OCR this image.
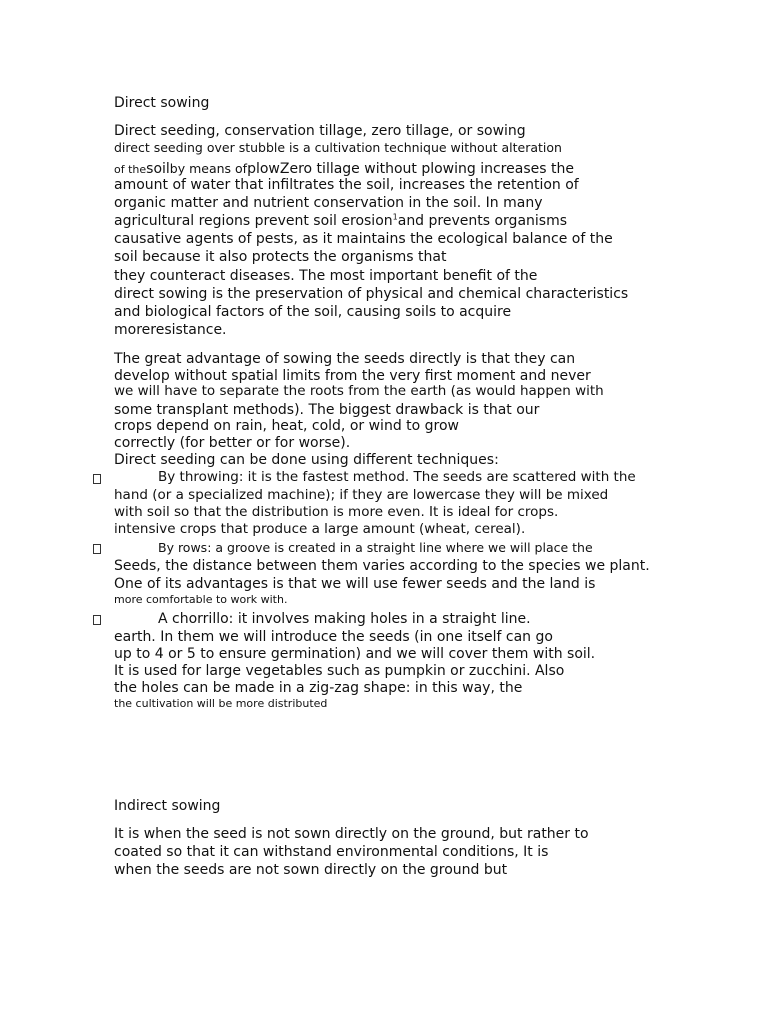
Direct sowing
Direct seeding, conservation tillage, zero tillage, or sowing
direct seeding over stubble is a cultivation technique without alteration
of thesoilby means ofplowZero tillage without plowing increases the
amount of water that infiltrates the soil, increases the retention of
organic matter and nutrient conservation in the soil. In many
agricultural regions prevent soil erosion$^1$and prevents organisms
causative agents of pests, as it maintains the ecological balance of the
soil because it also protects the organisms that
they counteract diseases. The most important benefit of the
direct sowing is the preservation of physical and chemical characteristics
and biological factors of the soil, causing soils to acquire
moreresistance.
The great advantage of sowing the seeds directly is that they can
develop without spatial limits from the very first moment and never
we will have to separate the roots from the earth (as would happen with
some transplant methods). The biggest drawback is that our
crops depend on rain, heat, cold, or wind to grow
correctly (for better or for worse).
Direct seeding can be done using different techniques:
By throwing: it is the fastest method. The seeds are scattered with the
hand (or a specialized machine); if they are lowercase they will be mixed
with soil so that the distribution is more even. It is ideal for crops.
intensive crops that produce a large amount (wheat, cereal).
By rows: a groove is created in a straight line where we will place the
Seeds, the distance between them varies according to the species we plant.
One of its advantages is that we will use fewer seeds and the land is
more comfortable to work with.
A chorrillo: it involves making holes in a straight line.
earth. In them we will introduce the seeds (in one itself can go
up to 4 or 5 to ensure germination) and we will cover them with soil.
It is used for large vegetables such as pumpkin or zucchini. Also
the holes can be made in a zig-zag shape: in this way, the
the cultivation will be more distributed
Indirect sowing
It is when the seed is not sown directly on the ground, but rather to
coated so that it can withstand environmental conditions, It is
when the seeds are not sown directly on the ground but
